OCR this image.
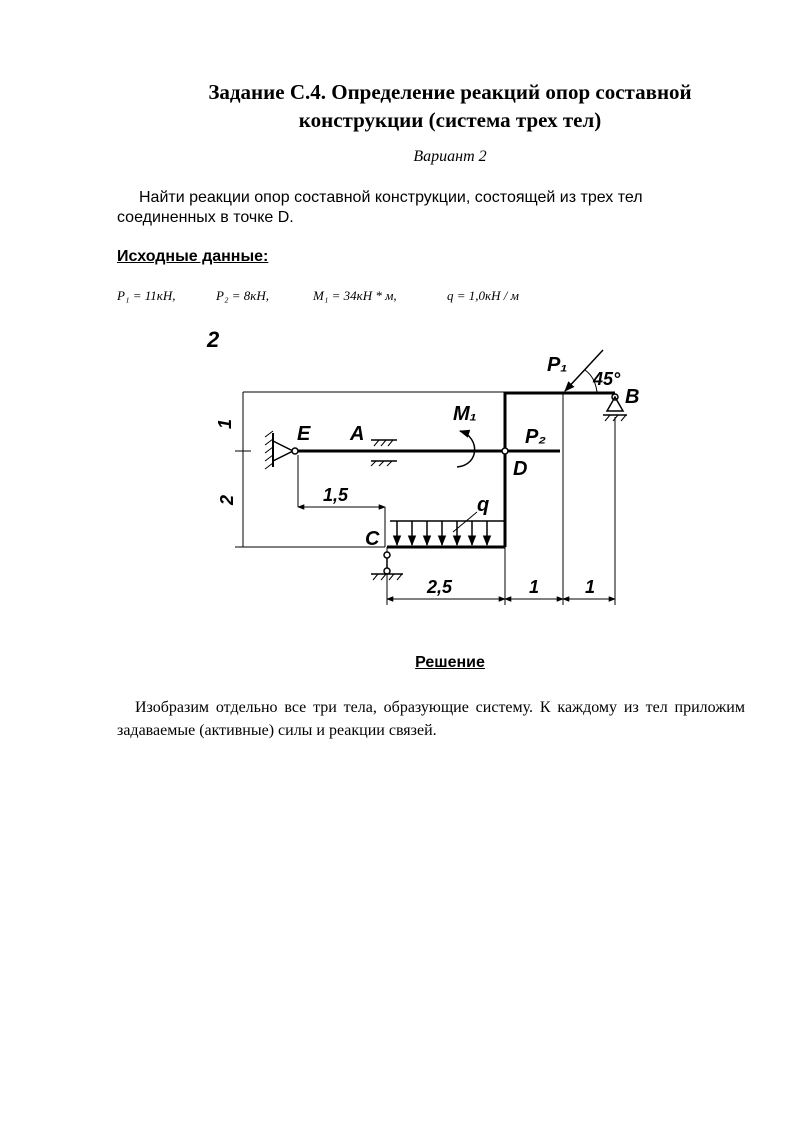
Задание С.4. Определение реакций опор составной
конструкции (система трех тел)
Вариант 2
Найти реакции опор составной конструкции, состоящей из трех тел соединенных в точке D.
Исходные данные:
P₁ = 11кН,	P₂ = 8кН,	M₁ = 34кН * м,	q = 1,0кН / м
2
P₁
45°
B
M₁
E A	P₂
D
q
C
1
2	1,5
2,5	1	1
Решение
Изобразим отдельно все три тела, образующие систему. К каждому из тел приложим задаваемые (активные) силы и реакции связей.
